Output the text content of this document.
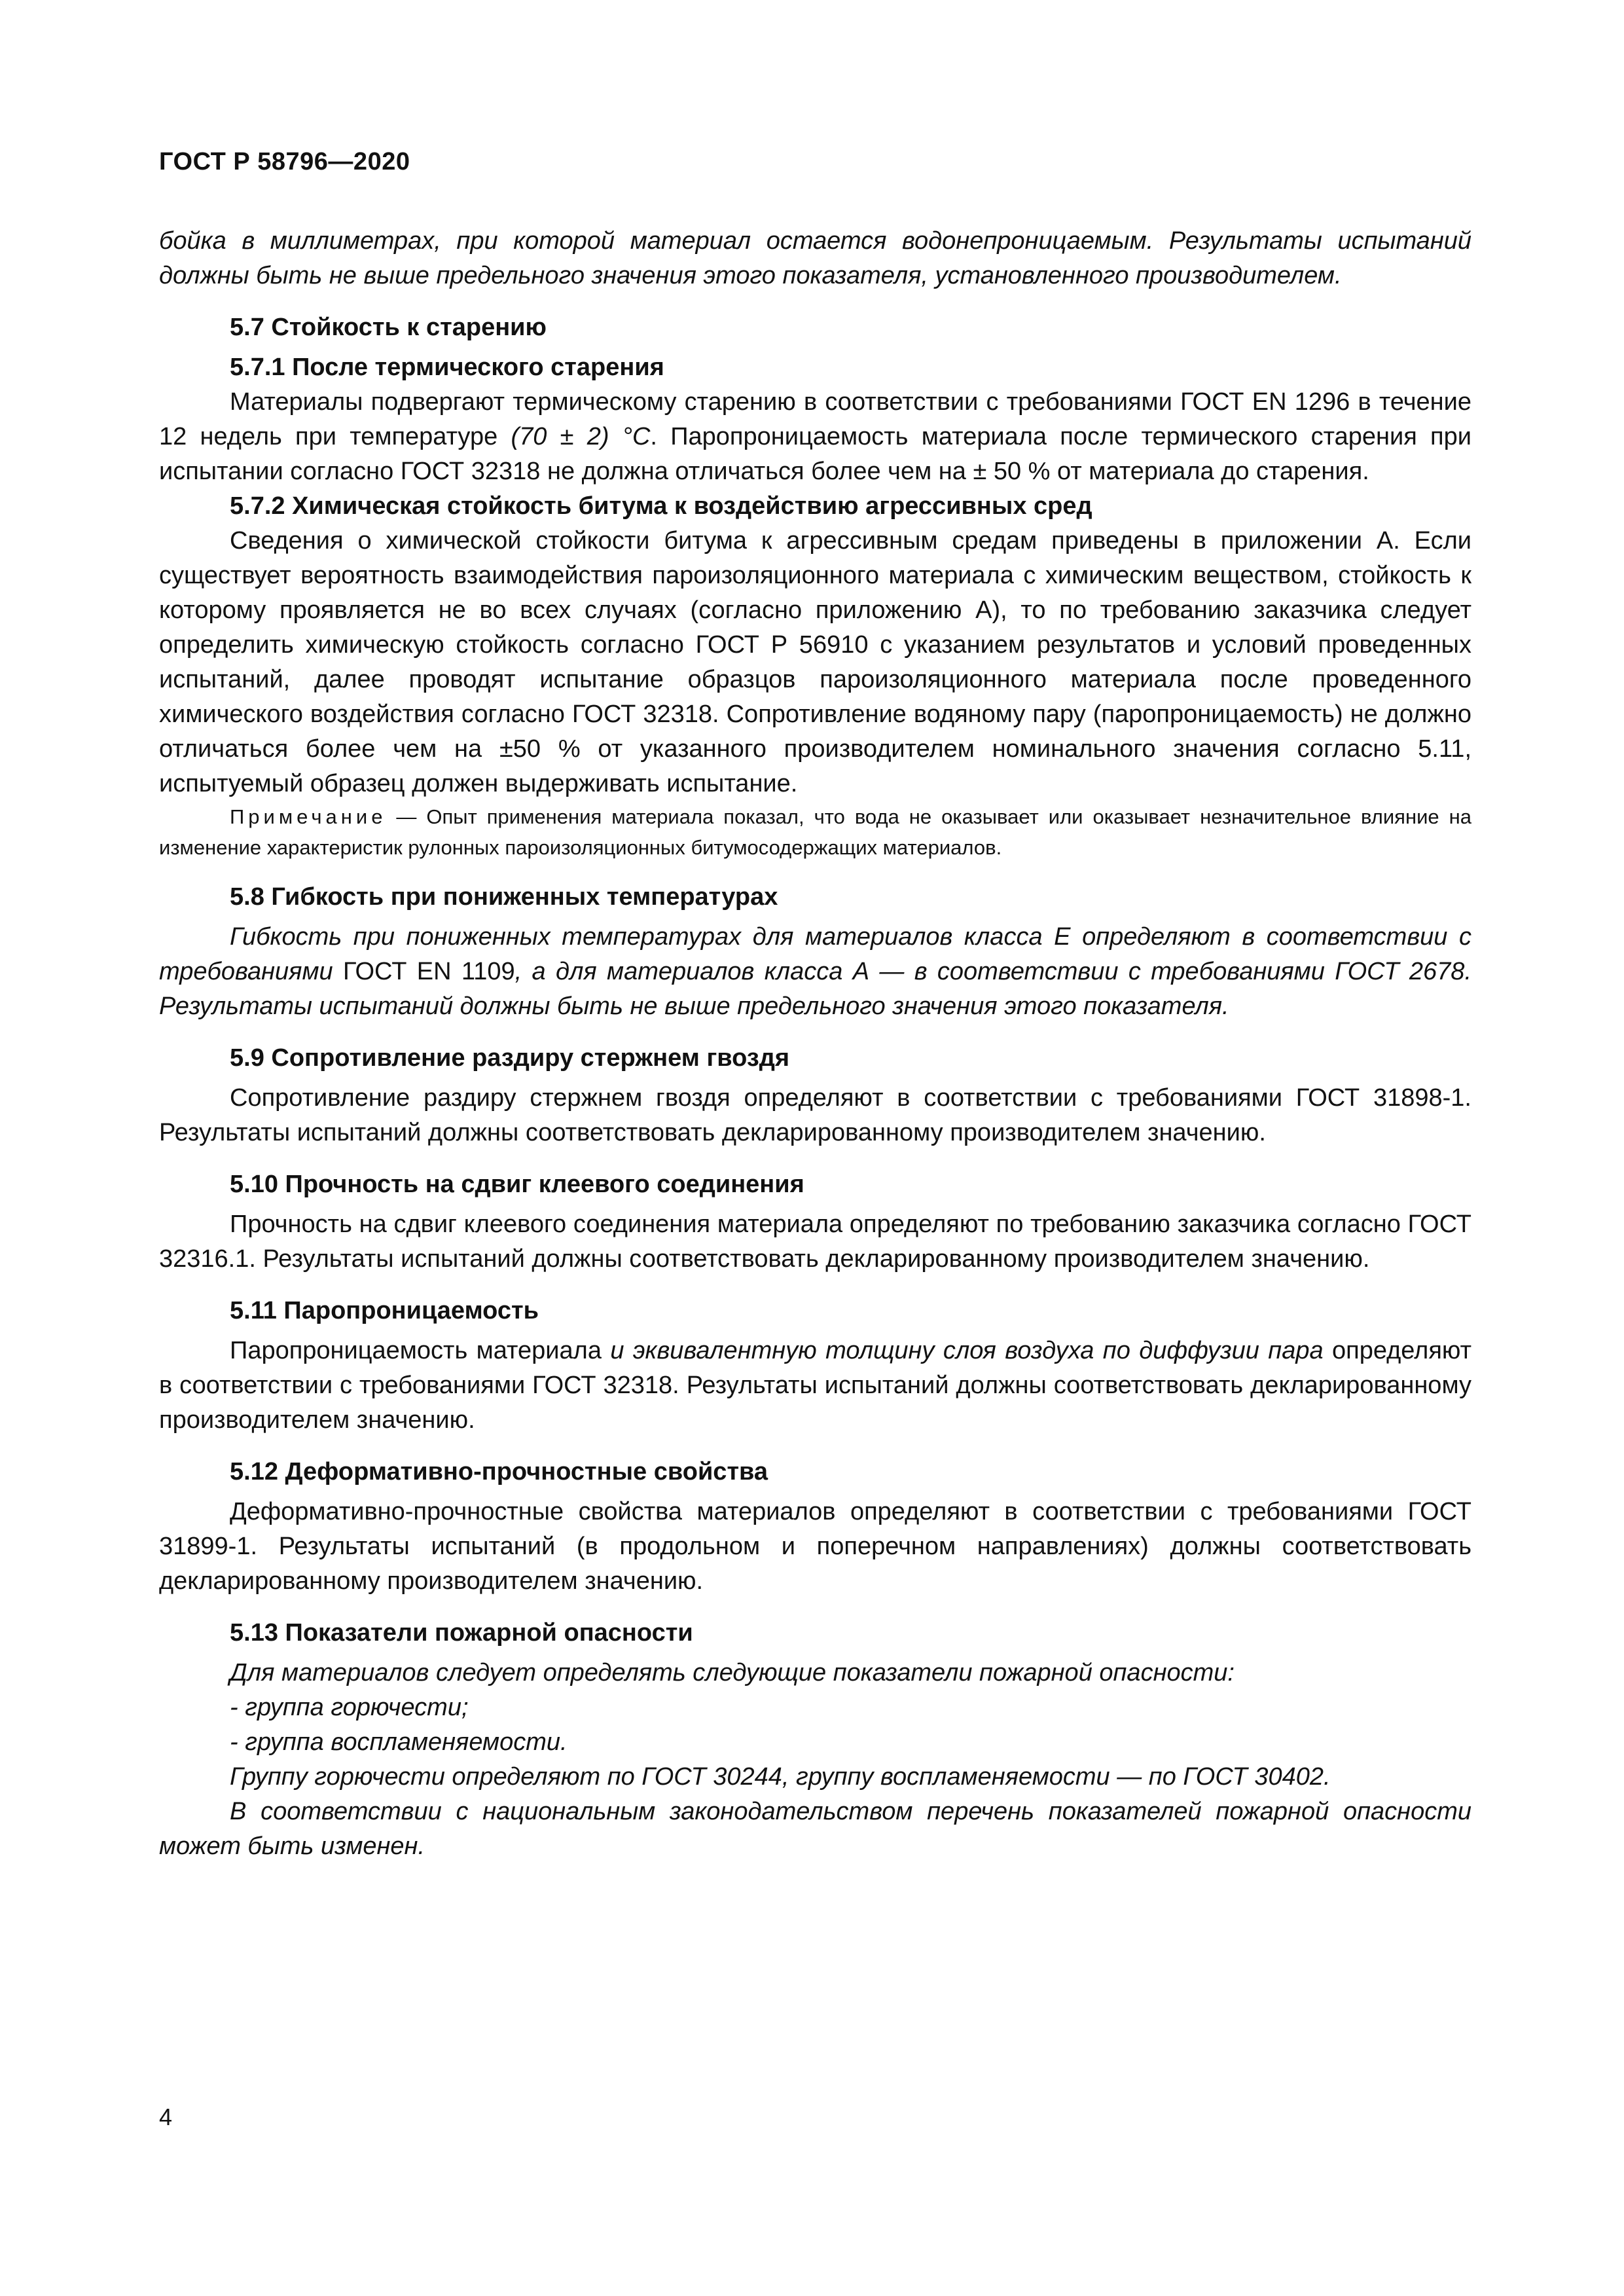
ГОСТ Р 58796—2020

бойка в миллиметрах, при которой материал остается водонепроницаемым. Результаты испытаний должны быть не выше предельного значения этого показателя, установленного производителем.

5.7 Стойкость к старению

5.7.1 После термического старения

Материалы подвергают термическому старению в соответствии с требованиями ГОСТ EN 1296 в течение 12 недель при температуре (70 ± 2) °C. Паропроницаемость материала после термического старения при испытании согласно ГОСТ 32318 не должна отличаться более чем на ± 50 % от материала до старения.

5.7.2 Химическая стойкость битума к воздействию агрессивных сред

Сведения о химической стойкости битума к агрессивным средам приведены в приложении А. Если существует вероятность взаимодействия пароизоляционного материала с химическим веществом, стойкость к которому проявляется не во всех случаях (согласно приложению А), то по требованию заказчика следует определить химическую стойкость согласно ГОСТ Р 56910 с указанием результатов и условий проведенных испытаний, далее проводят испытание образцов пароизоляционного материала после проведенного химического воздействия согласно ГОСТ 32318. Сопротивление водяному пару (паропроницаемость) не должно отличаться более чем на ±50 % от указанного производителем номинального значения согласно 5.11, испытуемый образец должен выдерживать испытание.

Примечание — Опыт применения материала показал, что вода не оказывает или оказывает незначительное влияние на изменение характеристик рулонных пароизоляционных битумосодержащих материалов.

5.8 Гибкость при пониженных температурах

Гибкость при пониженных температурах для материалов класса Е определяют в соответствии с требованиями ГОСТ EN 1109, а для материалов класса А — в соответствии с требованиями ГОСТ 2678. Результаты испытаний должны быть не выше предельного значения этого показателя.

5.9 Сопротивление раздиру стержнем гвоздя

Сопротивление раздиру стержнем гвоздя определяют в соответствии с требованиями ГОСТ 31898-1. Результаты испытаний должны соответствовать декларированному производителем значению.

5.10 Прочность на сдвиг клеевого соединения

Прочность на сдвиг клеевого соединения материала определяют по требованию заказчика согласно ГОСТ 32316.1. Результаты испытаний должны соответствовать декларированному производителем значению.

5.11 Паропроницаемость

Паропроницаемость материала и эквивалентную толщину слоя воздуха по диффузии пара определяют в соответствии с требованиями ГОСТ 32318. Результаты испытаний должны соответствовать декларированному производителем значению.

5.12 Деформативно-прочностные свойства

Деформативно-прочностные свойства материалов определяют в соответствии с требованиями ГОСТ 31899-1. Результаты испытаний (в продольном и поперечном направлениях) должны соответствовать декларированному производителем значению.

5.13 Показатели пожарной опасности

Для материалов следует определять следующие показатели пожарной опасности:

- группа горючести;

- группа воспламеняемости.

Группу горючести определяют по ГОСТ 30244, группу воспламеняемости — по ГОСТ 30402.

В соответствии с национальным законодательством перечень показателей пожарной опасности может быть изменен.

4
